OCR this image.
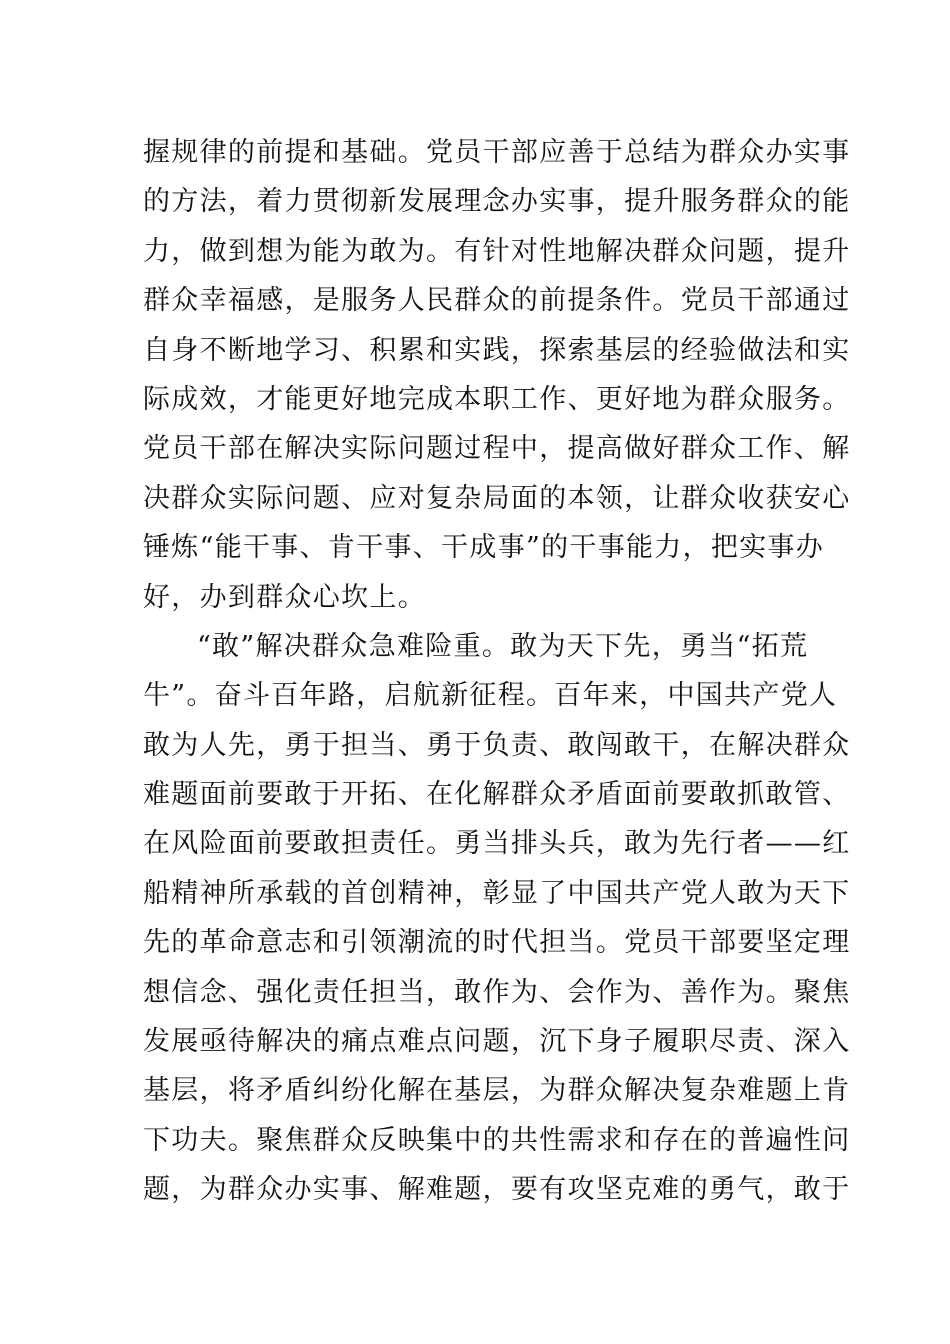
握规律的前提和基础。党员干部应善于总结为群众办实事
的方法，着力贯彻新发展理念办实事，提升服务群众的能
力，做到想为能为敢为。有针对性地解决群众问题，提升
群众幸福感，是服务人民群众的前提条件。党员干部通过
自身不断地学习、积累和实践，探索基层的经验做法和实
际成效，才能更好地完成本职工作、更好地为群众服务。
党员干部在解决实际问题过程中，提高做好群众工作、解
决群众实际问题、应对复杂局面的本领，让群众收获安心
锤炼“能干事、肯干事、干成事”的干事能力，把实事办
好，办到群众心坎上。
“敢”解决群众急难险重。敢为天下先，勇当“拓荒
牛”。奋斗百年路，启航新征程。百年来，中国共产党人
敢为人先，勇于担当、勇于负责、敢闯敢干，在解决群众
难题面前要敢于开拓、在化解群众矛盾面前要敢抓敢管、
在风险面前要敢担责任。勇当排头兵，敢为先行者——红
船精神所承载的首创精神，彰显了中国共产党人敢为天下
先的革命意志和引领潮流的时代担当。党员干部要坚定理
想信念、强化责任担当，敢作为、会作为、善作为。聚焦
发展亟待解决的痛点难点问题，沉下身子履职尽责、深入
基层，将矛盾纠纷化解在基层，为群众解决复杂难题上肯
下功夫。聚焦群众反映集中的共性需求和存在的普遍性问
题，为群众办实事、解难题，要有攻坚克难的勇气，敢于
